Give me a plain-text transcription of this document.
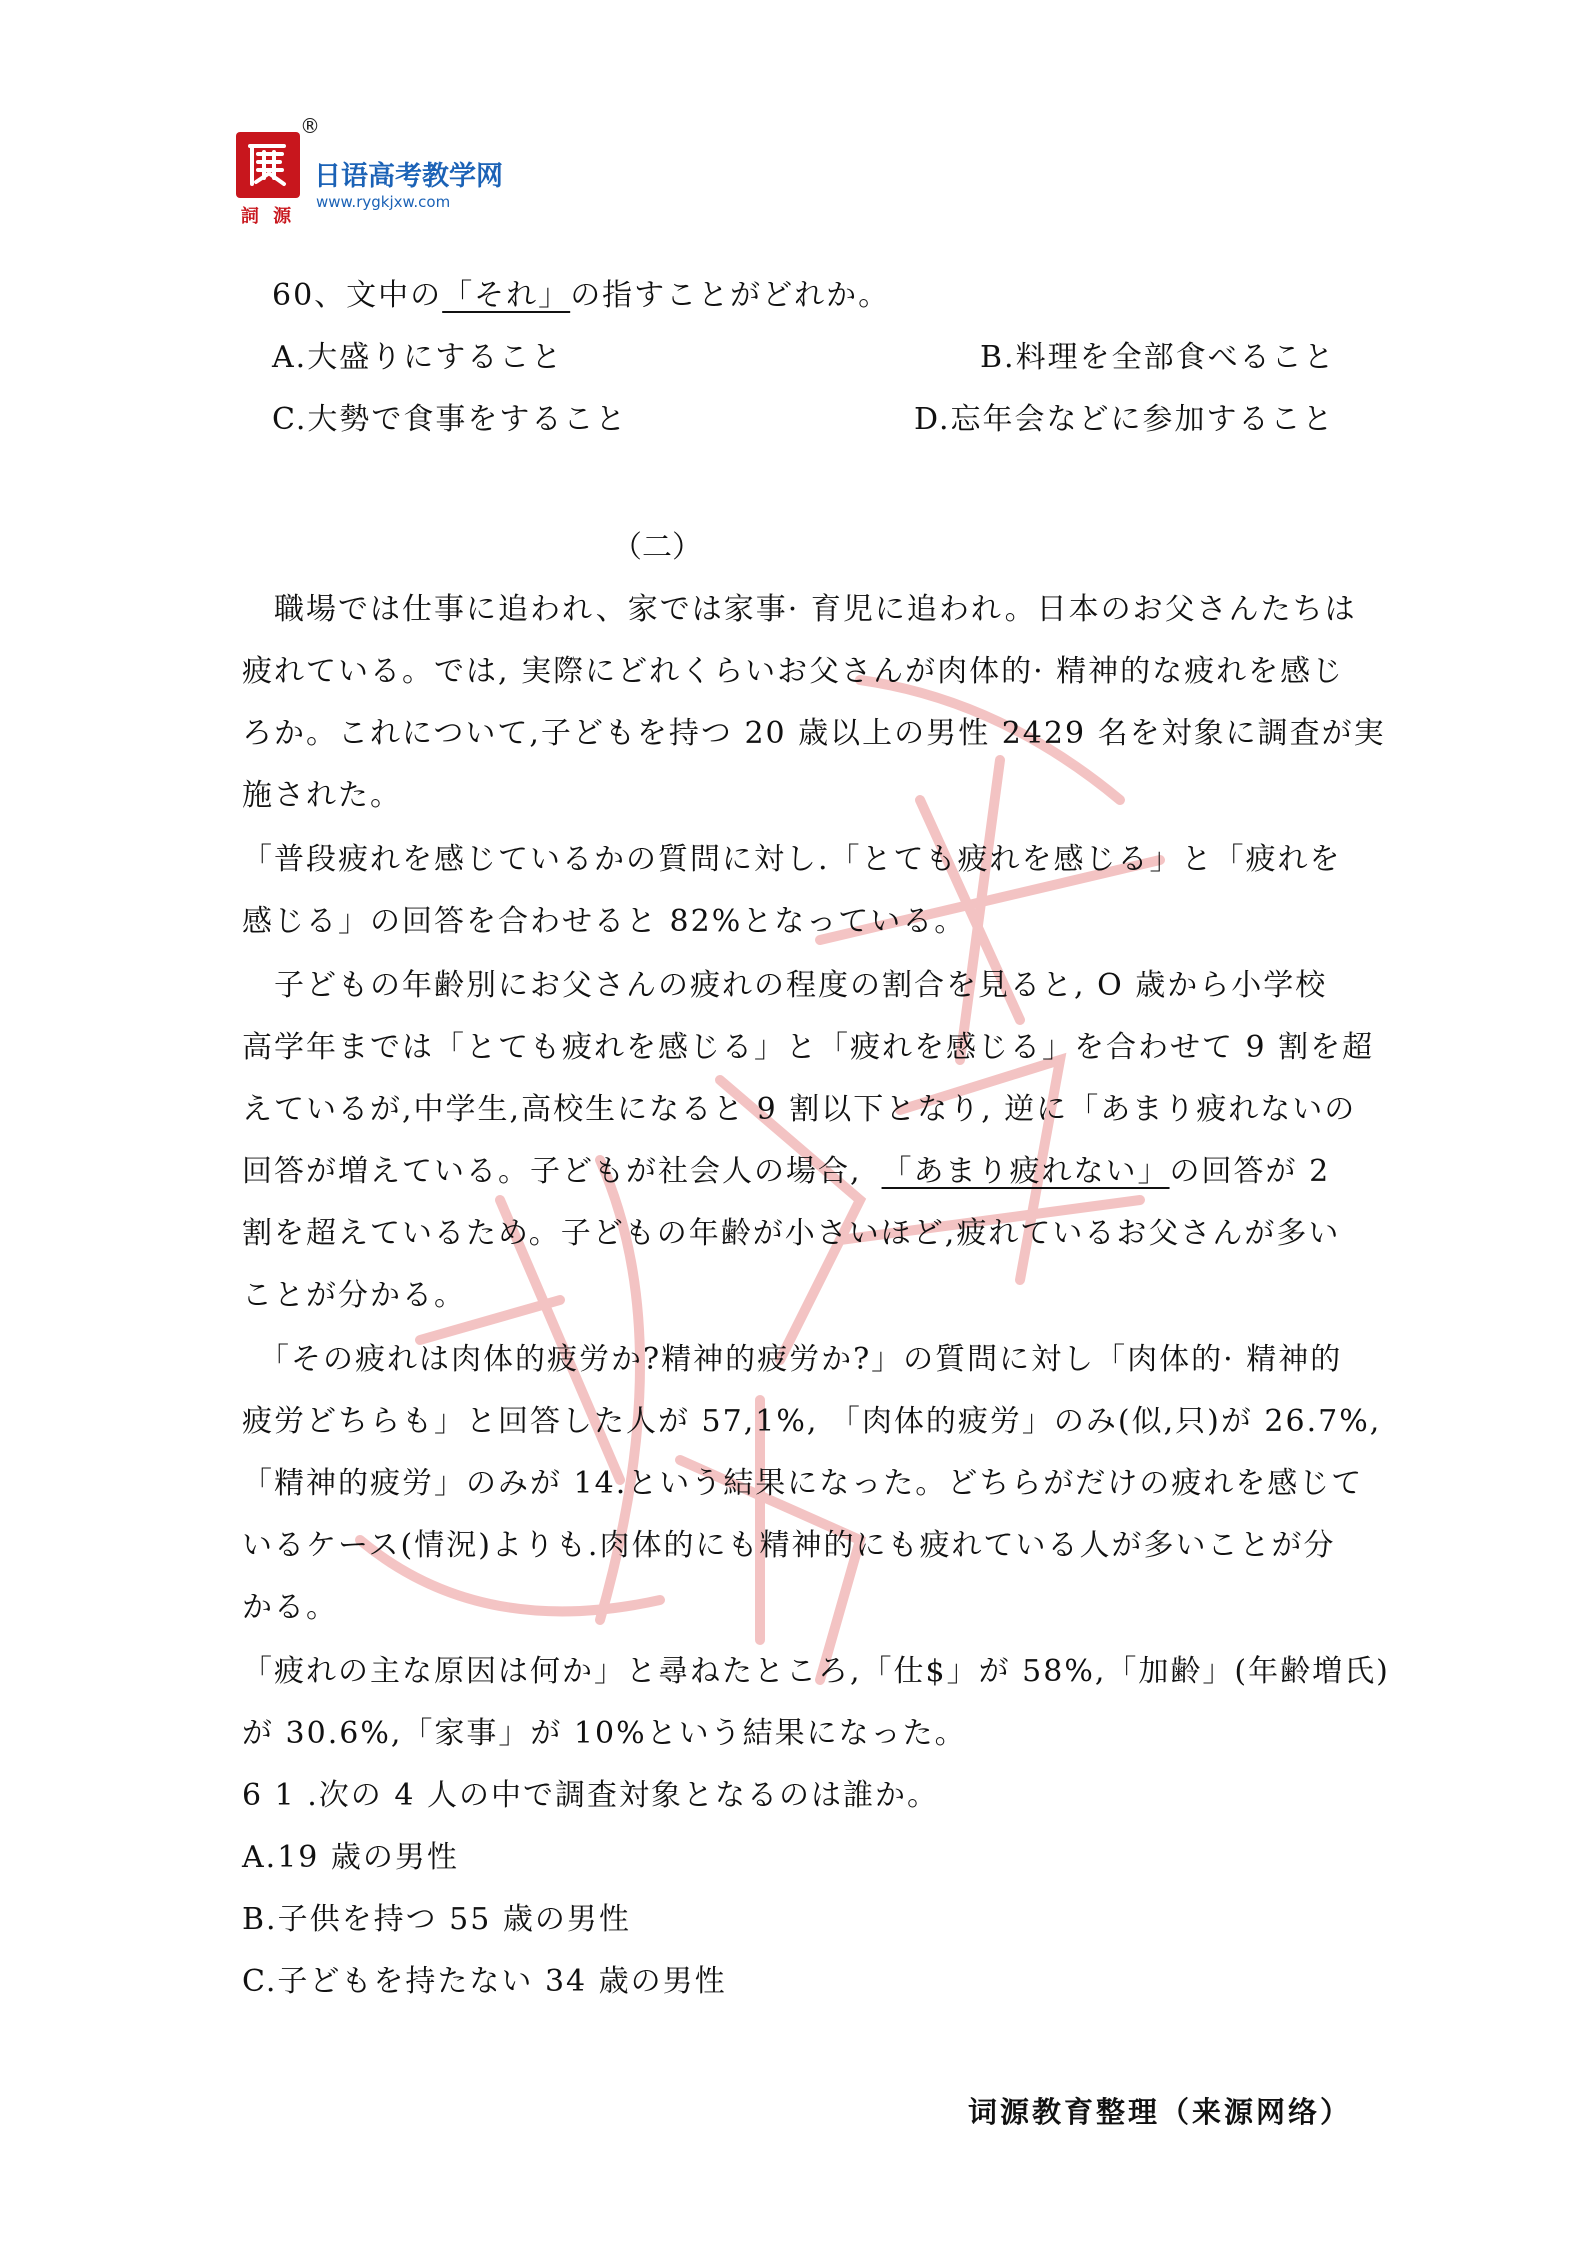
詞 源
®
日语高考教学网
www.rygkjxw.com
60、文中の「それ」の指すことがどれか。
A.大盛りにすること	B.料理を全部食べること
C.大勢で食事をすること	D.忘年会などに参加すること
（二）
　職場では仕事に追われ、家では家事· 育児に追われ。日本のお父さんたちは
疲れている。では, 実際にどれくらいお父さんが肉体的· 精神的な疲れを感じ
ろか。これについて,子どもを持つ 20 歳以上の男性 2429 名を対象に調査が実
施された。
「普段疲れを感じているかの質問に対し.「とても疲れを感じる」と「疲れを
感じる」の回答を合わせると 82%となっている。
　子どもの年齢別にお父さんの疲れの程度の割合を見ると, O 歳から小学校
高学年までは「とても疲れを感じる」と「疲れを感じる」を合わせて 9 割を超
えているが,中学生,高校生になると 9 割以下となり, 逆に「あまり疲れないの
回答が増えている。子どもが社会人の場合, 「あまり疲れない」の回答が 2
割を超えているため。子どもの年齢が小さいほど,疲れているお父さんが多い
ことが分かる。
　「その疲れは肉体的疲労か?精神的疲労か?」の質問に対し「肉体的· 精神的
疲労どちらも」と回答した人が 57,1%, 「肉体的疲労」のみ(似,只)が 26.7%,
「精神的疲労」のみが 14.という結果になった。どちらがだけの疲れを感じて
いるケース(情況)よりも.肉体的にも精神的にも疲れている人が多いことが分
かる。
「疲れの主な原因は何か」と尋ねたところ,「仕$」が 58%,「加齢」(年齢増氏)
が 30.6%,「家事」が 10%という結果になった。
6 1 .次の 4 人の中で調査対象となるのは誰か。
A.19 歳の男性
B.子供を持つ 55 歳の男性
C.子どもを持たない 34 歳の男性
词源教育整理（来源网络）
